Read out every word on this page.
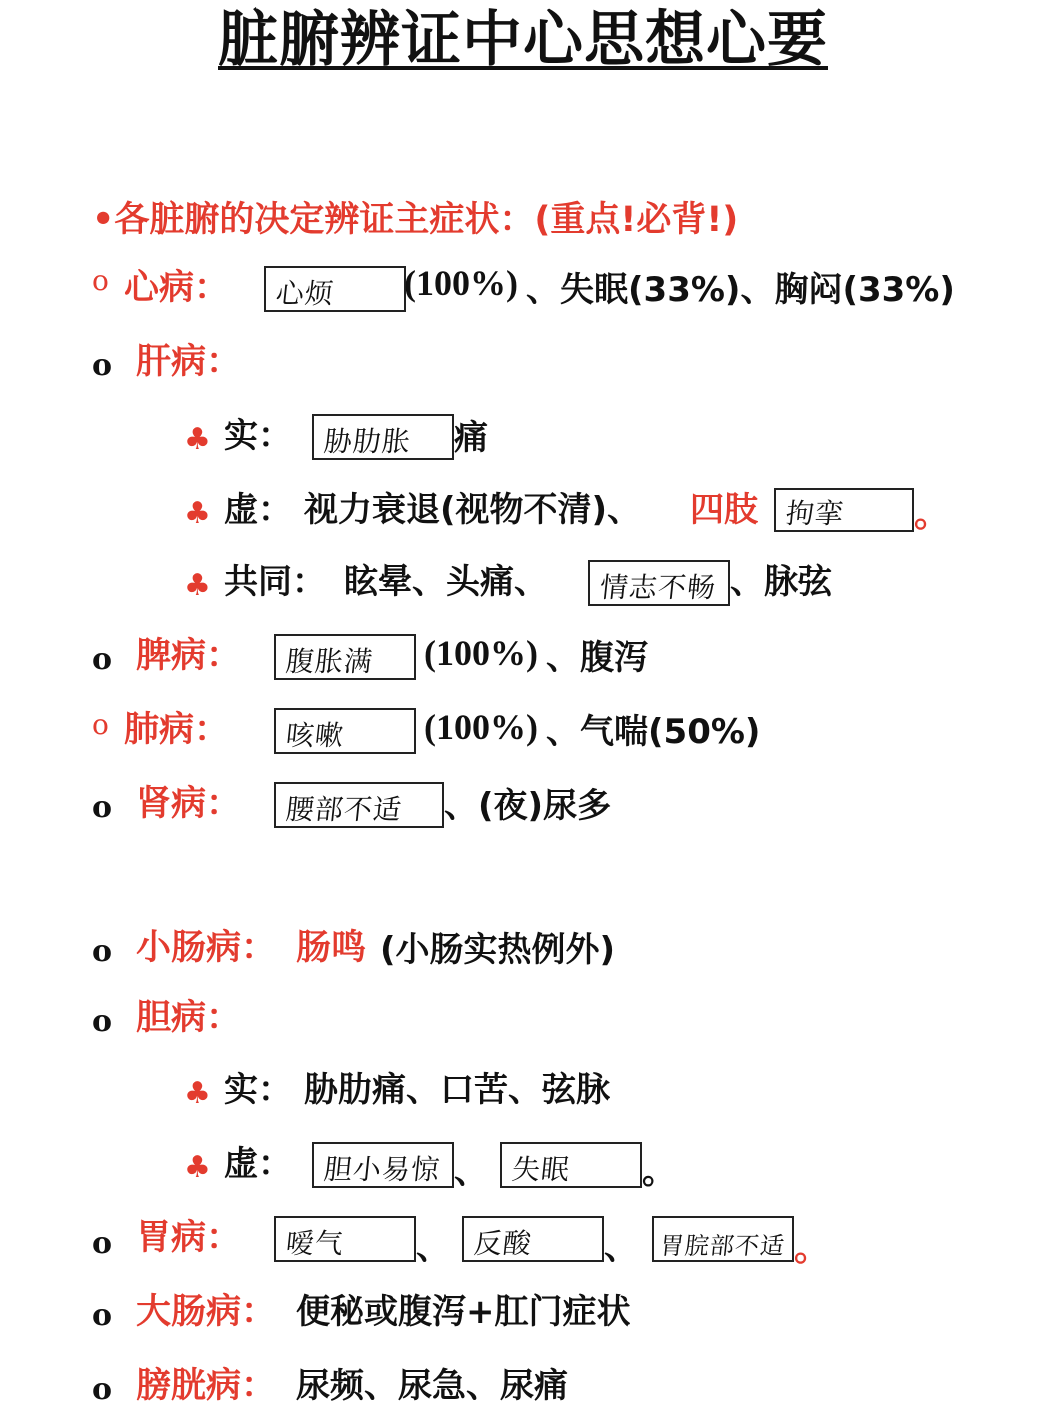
脏腑辨证中心思想心要
•各脏腑的决定辨证主症状：(重点!必背!)
o 心病： 心烦 (100%) 、失眠(33%)、胸闷(33%)
o 肝病：
♣ 实： 胁肋胀 痛
♣ 虚： 视力衰退(视物不清)、 四肢 拘挛 。
♣ 共同： 眩晕、头痛、 情志不畅 、脉弦
o 脾病： 腹胀满 (100%) 、腹泻
o 肺病： 咳嗽 (100%) 、气喘(50%)
o 肾病： 腰部不适 、(夜)尿多
o 小肠病： 肠鸣 (小肠实热例外)
o 胆病：
♣ 实： 胁肋痛、口苦、弦脉
♣ 虚： 胆小易惊 、 失眠 。
o 胃病： 嗳气 、 反酸 、 胃脘部不适 。
o 大肠病： 便秘或腹泻+肛门症状
o 膀胱病： 尿频、尿急、尿痛
